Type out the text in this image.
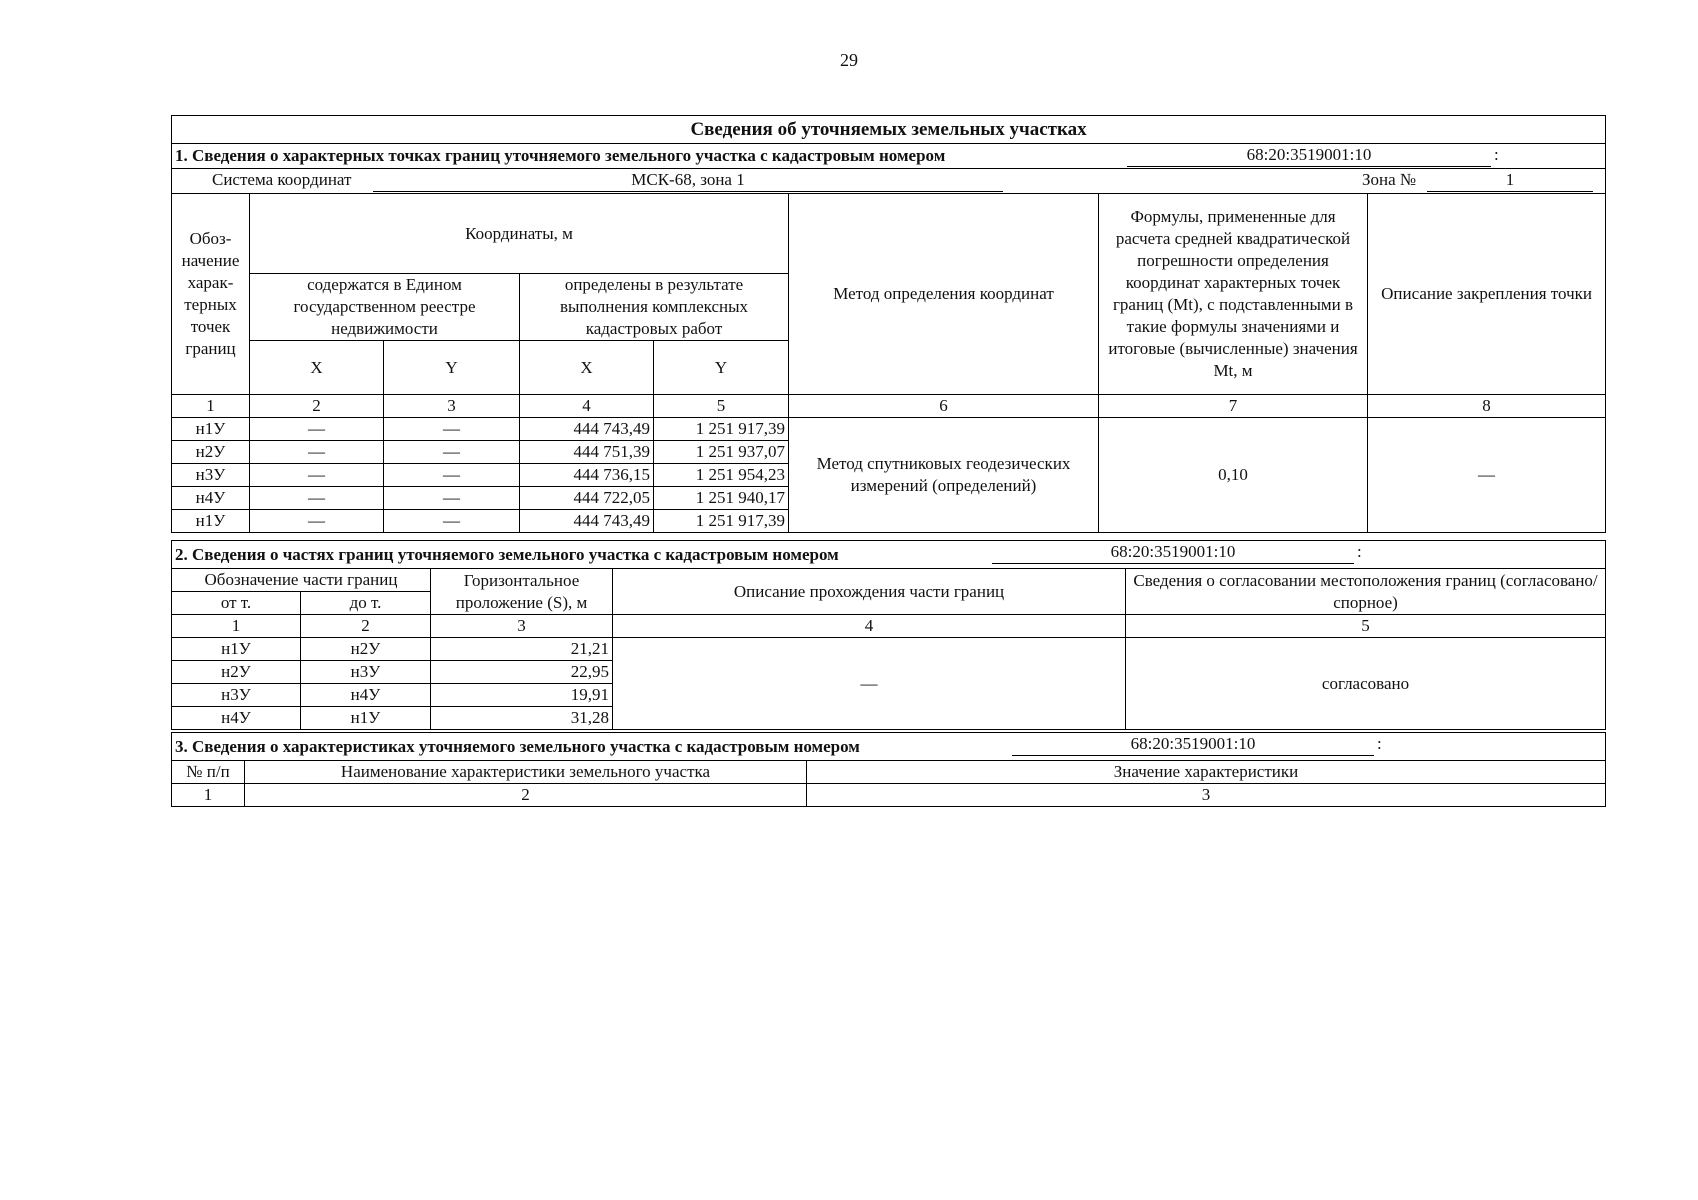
29
Сведения об уточняемых земельных участках							
1. Сведения о характерных точках границ уточняемого земельного участка с кадастровым номером 68:20:3519001:10 :							

Система координат МСК-68, зона 1 Зона № 1							

Обоз-начение харак-терных точек границ	Координаты, м				Метод определения координат	Формулы, примененные для расчета средней квадратической погрешности определения координат характерных точек границ (Mt), с подставленными в такие формулы значениями и итоговые (вычисленные) значения Mt, м	Описание закрепления точки
	содержатся в Едином государственном реестре недвижимости		определены в результате выполнения комплексных кадастровых работ				
	X	Y	X	Y			
1	2	3	4	5	6	7	8
н1У	—	—	444 743,49	1 251 917,39	Метод спутниковых геодезических измерений (определений)	0,10	—
н2У	—	—	444 751,39	1 251 937,07			
н3У	—	—	444 736,15	1 251 954,23			
н4У	—	—	444 722,05	1 251 940,17			
н1У	—	—	444 743,49	1 251 917,39			
2. Сведения о частях границ уточняемого земельного участка с кадастровым номером 68:20:3519001:10 :				

Обозначение части границ		Горизонтальное проложение (S), м	Описание прохождения части границ	Сведения о согласовании местоположения границ (согласовано/спорное)
от т.	до т.			
1	2	3	4	5
н1У	н2У	21,21	—	согласовано
н2У	н3У	22,95		
н3У	н4У	19,91		
н4У	н1У	31,28		
3. Сведения о характеристиках уточняемого земельного участка с кадастровым номером 68:20:3519001:10 :		

№ п/п	Наименование характеристики земельного участка	Значение характеристики
1	2	3
